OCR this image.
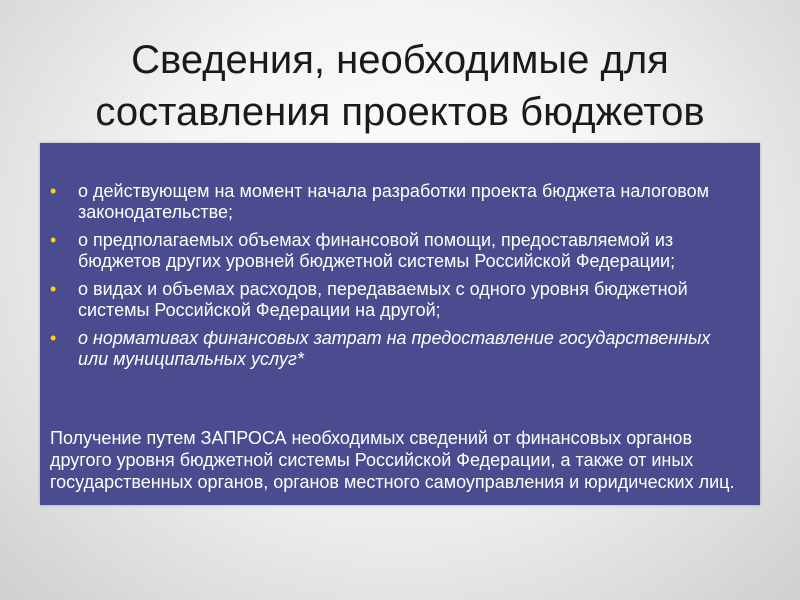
Сведения, необходимые для составления проектов бюджетов
• о действующем на момент начала разработки проекта бюджета налоговом законодательстве;
• о предполагаемых объемах финансовой помощи, предоставляемой из бюджетов других уровней бюджетной системы Российской Федерации;
• о видах и объемах расходов, передаваемых с одного уровня бюджетной системы Российской Федерации на другой;
• о нормативах финансовых затрат на предоставление государственных или муниципальных услуг*

Получение путем ЗАПРОСА необходимых сведений от финансовых органов другого уровня бюджетной системы Российской Федерации, а также от иных государственных органов, органов местного самоуправления и юридических лиц.
